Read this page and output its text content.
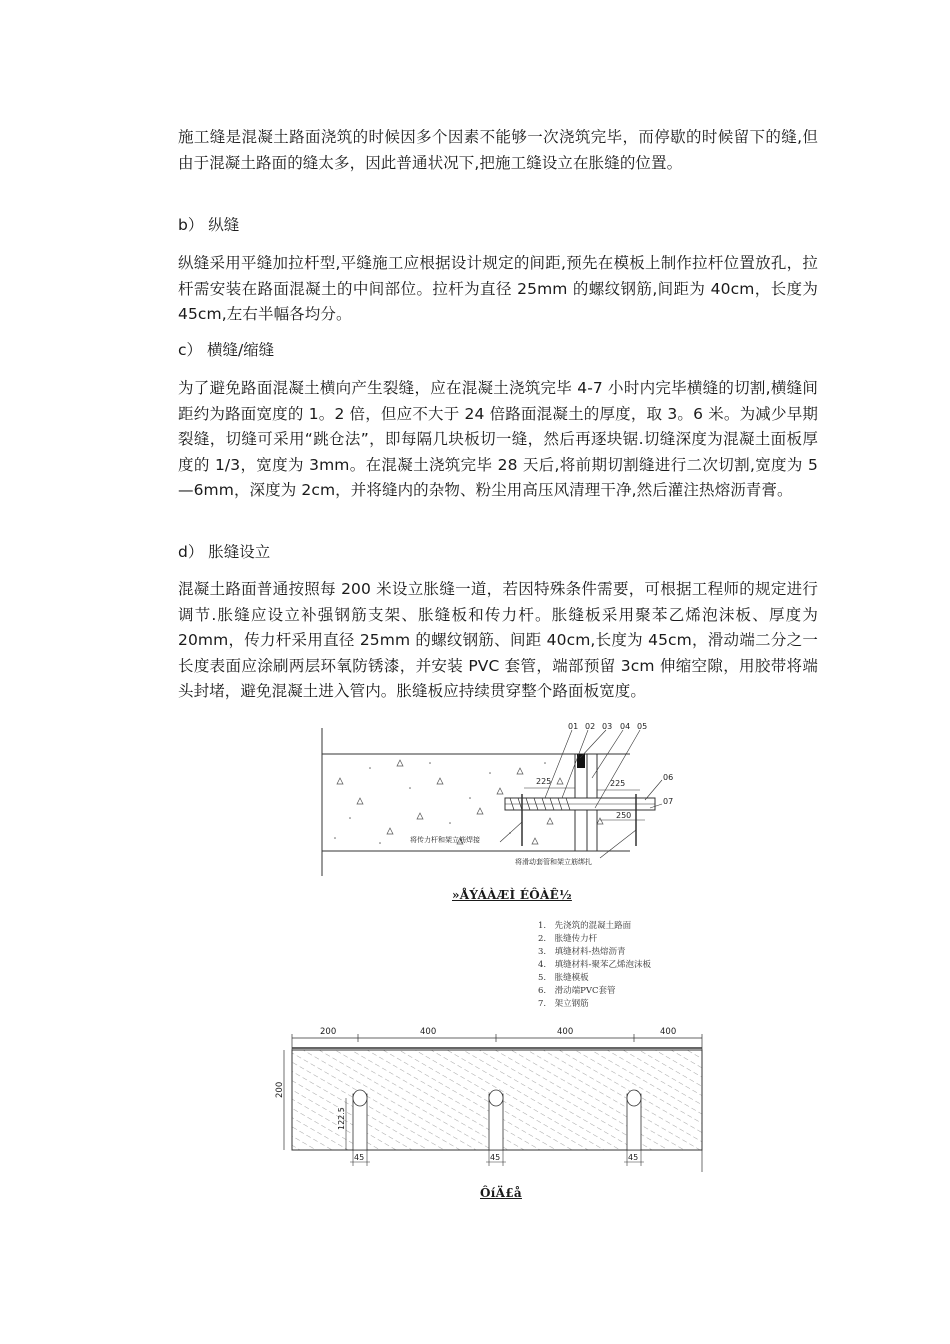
施工缝是混凝土路面浇筑的时候因多个因素不能够一次浇筑完毕，而停歇的时候留下的缝,但由于混凝土路面的缝太多，因此普通状况下,把施工缝设立在胀缝的位置。

b） 纵缝

纵缝采用平缝加拉杆型,平缝施工应根据设计规定的间距,预先在模板上制作拉杆位置放孔，拉杆需安装在路面混凝土的中间部位。拉杆为直径 25mm 的螺纹钢筋,间距为 40cm，长度为 45cm,左右半幅各均分。

c） 横缝/缩缝

为了避免路面混凝土横向产生裂缝，应在混凝土浇筑完毕 4-7 小时内完毕横缝的切割,横缝间距约为路面宽度的 1。2 倍，但应不大于 24 倍路面混凝土的厚度，取 3。6 米。为减少早期裂缝，切缝可采用“跳仓法”，即每隔几块板切一缝，然后再逐块锯.切缝深度为混凝土面板厚度的 1/3，宽度为 3mm。在混凝土浇筑完毕 28 天后,将前期切割缝进行二次切割,宽度为 5—6mm，深度为 2cm，并将缝内的杂物、粉尘用高压风清理干净,然后灌注热熔沥青膏。

d） 胀缝设立

混凝土路面普通按照每 200 米设立胀缝一道，若因特殊条件需要，可根据工程师的规定进行调节.胀缝应设立补强钢筋支架、胀缝板和传力杆。胀缝板采用聚苯乙烯泡沫板、厚度为 20mm，传力杆采用直径 25mm 的螺纹钢筋、间距 40cm,长度为 45cm，滑动端二分之一长度表面应涂刷两层环氧防锈漆，并安装 PVC 套管，端部预留 3cm 伸缩空隙，用胶带将端头封堵，避免混凝土进入管内。胀缝板应持续贯穿整个路面板宽度。

01 02 03 04 05
06
07
225	225
250
将传力杆和架立筋焊接
将滑动套管和架立筋绑扎
»ÅÝÁÀÆÌ ÉÔÀÊ½
1.　先浇筑的混凝土路面
2.　胀缝传力杆
3.　填缝材料-热熔沥青
4.　填缝材料-聚苯乙烯泡沫板
5.　胀缝模板
6.　滑动端PVC套管
7.　架立钢筋
200	400	400	400
200
122.5
45	45	45
ÔíÄ£å
